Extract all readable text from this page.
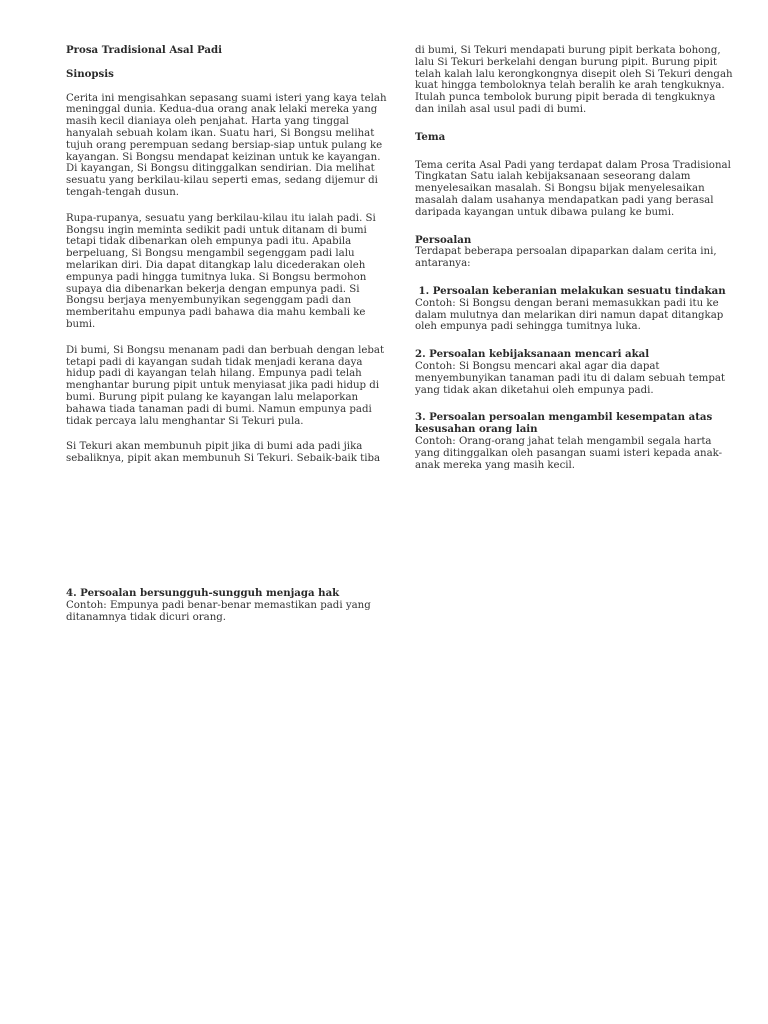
Prosa Tradisional Asal Padi

Sinopsis

Cerita ini mengisahkan sepasang suami isteri yang kaya telah meninggal dunia. Kedua-dua orang anak lelaki mereka yang masih kecil dianiaya oleh penjahat. Harta yang tinggal hanyalah sebuah kolam ikan. Suatu hari, Si Bongsu melihat tujuh orang perempuan sedang bersiap-siap untuk pulang ke kayangan. Si Bongsu mendapat keizinan untuk ke kayangan. Di kayangan, Si Bongsu ditinggalkan sendirian. Dia melihat sesuatu yang berkilau-kilau seperti emas, sedang dijemur di tengah-tengah dusun.

Rupa-rupanya, sesuatu yang berkilau-kilau itu ialah padi. Si Bongsu ingin meminta sedikit padi untuk ditanam di bumi tetapi tidak dibenarkan oleh empunya padi itu. Apabila berpeluang, Si Bongsu mengambil segenggam padi lalu melarikan diri. Dia dapat ditangkap lalu dicederakan oleh empunya padi hingga tumitnya luka. Si Bongsu bermohon supaya dia dibenarkan bekerja dengan empunya padi. Si Bongsu berjaya menyembunyikan segenggam padi dan memberitahu empunya padi bahawa dia mahu kembali ke bumi.

Di bumi, Si Bongsu menanam padi dan berbuah dengan lebat tetapi padi di kayangan sudah tidak menjadi kerana daya hidup padi di kayangan telah hilang. Empunya padi telah menghantar burung pipit untuk menyiasat jika padi hidup di bumi. Burung pipit pulang ke kayangan lalu melaporkan bahawa tiada tanaman padi di bumi. Namun empunya padi tidak percaya lalu menghantar Si Tekuri pula.

Si Tekuri akan membunuh pipit jika di bumi ada padi jika sebaliknya, pipit akan membunuh Si Tekuri. Sebaik-baik tiba

di bumi, Si Tekuri mendapati burung pipit berkata bohong, lalu Si Tekuri berkelahi dengan burung pipit. Burung pipit telah kalah lalu kerongkongnya disepit oleh Si Tekuri dengah kuat hingga temboloknya telah beralih ke arah tengkuknya. Itulah punca tembolok burung pipit berada di tengkuknya dan inilah asal usul padi di bumi.

Tema

Tema cerita Asal Padi yang terdapat dalam Prosa Tradisional Tingkatan Satu ialah kebijaksanaan seseorang dalam menyelesaikan masalah. Si Bongsu bijak menyelesaikan masalah dalam usahanya mendapatkan padi yang berasal daripada kayangan untuk dibawa pulang ke bumi.

Persoalan

Terdapat beberapa persoalan dipaparkan dalam cerita ini, antaranya:

1. Persoalan keberanian melakukan sesuatu tindakan

Contoh: Si Bongsu dengan berani memasukkan padi itu ke dalam mulutnya dan melarikan diri namun dapat ditangkap oleh empunya padi sehingga tumitnya luka.

2. Persoalan kebijaksanaan mencari akal

Contoh: Si Bongsu mencari akal agar dia dapat menyembunyikan tanaman padi itu di dalam sebuah tempat yang tidak akan diketahui oleh empunya padi.

3. Persoalan persoalan mengambil kesempatan atas kesusahan orang lain

Contoh: Orang-orang jahat telah mengambil segala harta yang ditinggalkan oleh pasangan suami isteri kepada anak-anak mereka yang masih kecil.

4. Persoalan bersungguh-sungguh menjaga hak

Contoh: Empunya padi benar-benar memastikan padi yang ditanamnya tidak dicuri orang.
